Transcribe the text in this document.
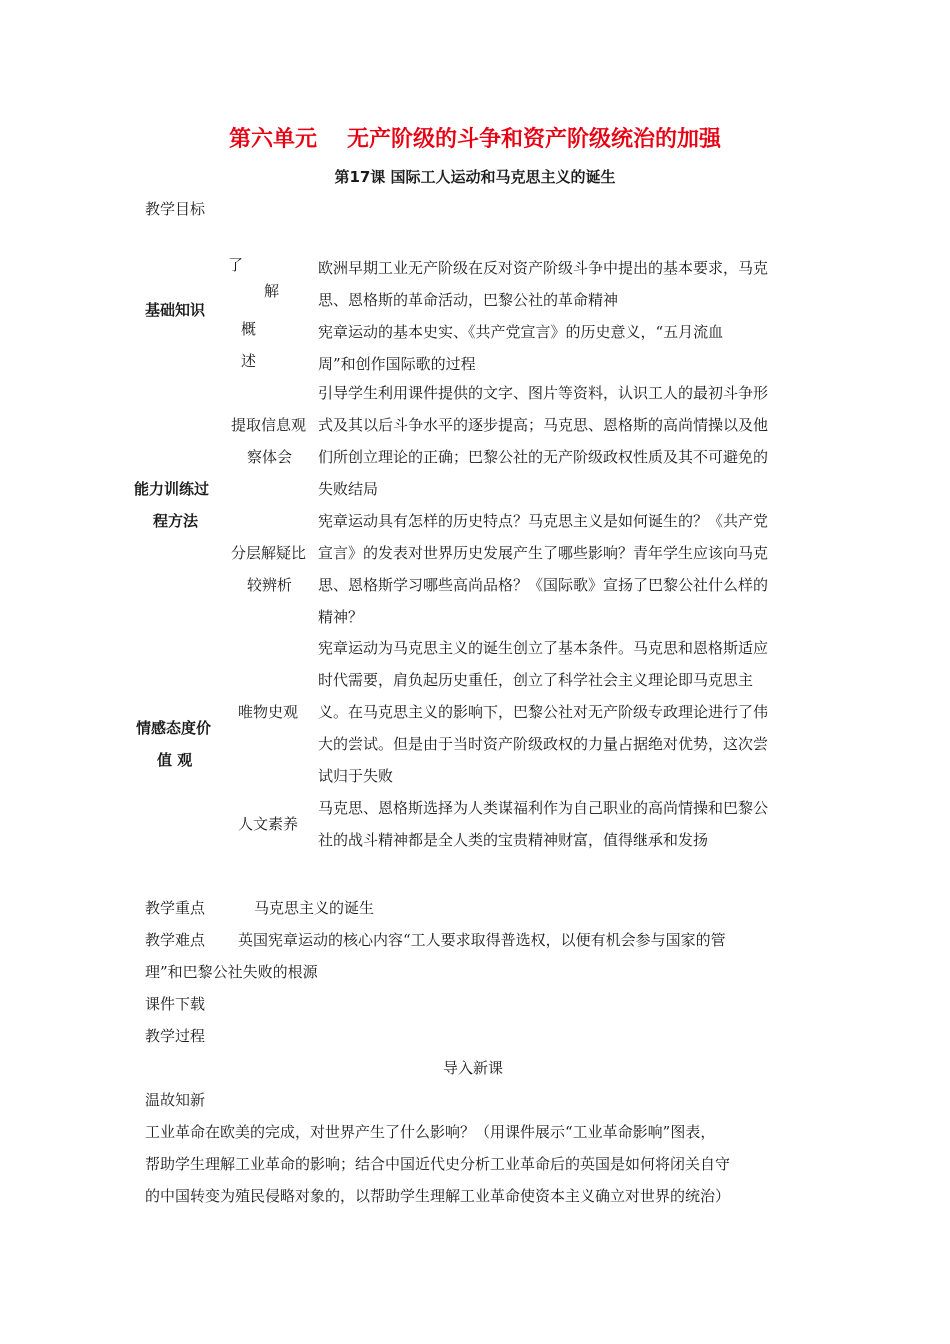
第六单元 无产阶级的斗争和资产阶级统治的加强
第17课 国际工人运动和马克思主义的诞生
教学目标
基础知识
了
解
概
述
欧洲早期工业无产阶级在反对资产阶级斗争中提出的基本要求，马克
思、恩格斯的革命活动，巴黎公社的革命精神
宪章运动的基本史实、《共产党宣言》的历史意义，“五月流血
周”和创作国际歌的过程
能力训练过
程方法
提取信息观
察体会
引导学生利用课件提供的文字、图片等资料，认识工人的最初斗争形
式及其以后斗争水平的逐步提高；马克思、恩格斯的高尚情操以及他
们所创立理论的正确；巴黎公社的无产阶级政权性质及其不可避免的
失败结局
分层解疑比
较辨析
宪章运动具有怎样的历史特点？马克思主义是如何诞生的？《共产党
宣言》的发表对世界历史发展产生了哪些影响？青年学生应该向马克
思、恩格斯学习哪些高尚品格？《国际歌》宣扬了巴黎公社什么样的
精神？
情感态度价
值 观
唯物史观
宪章运动为马克思主义的诞生创立了基本条件。马克思和恩格斯适应
时代需要，肩负起历史重任，创立了科学社会主义理论即马克思主
义。在马克思主义的影响下，巴黎公社对无产阶级专政理论进行了伟
大的尝试。但是由于当时资产阶级政权的力量占据绝对优势，这次尝
试归于失败
人文素养
马克思、恩格斯选择为人类谋福利作为自己职业的高尚情操和巴黎公
社的战斗精神都是全人类的宝贵精神财富，值得继承和发扬
教学重点	马克思主义的诞生
教学难点 英国宪章运动的核心内容“工人要求取得普选权，以便有机会参与国家的管
理”和巴黎公社失败的根源
课件下载
教学过程
导入新课
温故知新
工业革命在欧美的完成，对世界产生了什么影响？（用课件展示“工业革命影响”图表，
帮助学生理解工业革命的影响；结合中国近代史分析工业革命后的英国是如何将闭关自守
的中国转变为殖民侵略对象的，以帮助学生理解工业革命使资本主义确立对世界的统治）
